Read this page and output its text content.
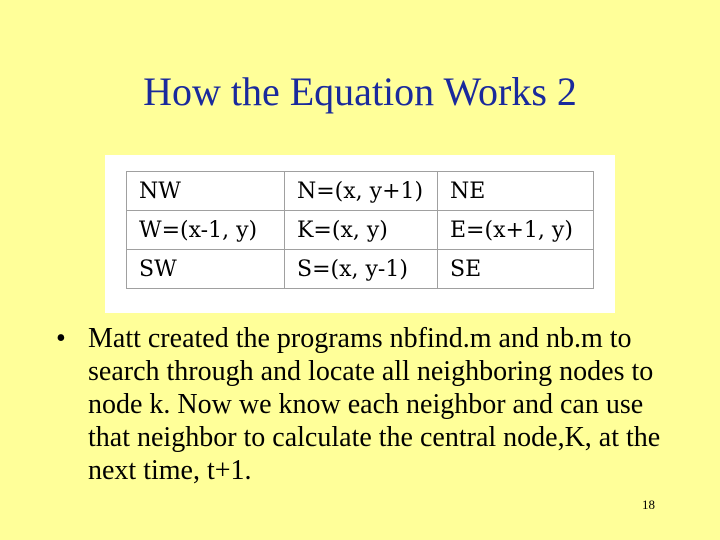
How the Equation Works 2
NW	N=(x, y+1)	NE
W=(x-1, y)	K=(x, y)	E=(x+1, y)
SW	S=(x, y-1)	SE
• Matt created the programs nbfind.m and nb.m to search through and locate all neighboring nodes to node k. Now we know each neighbor and can use that neighbor to calculate the central node,K, at the next time, t+1.
18
